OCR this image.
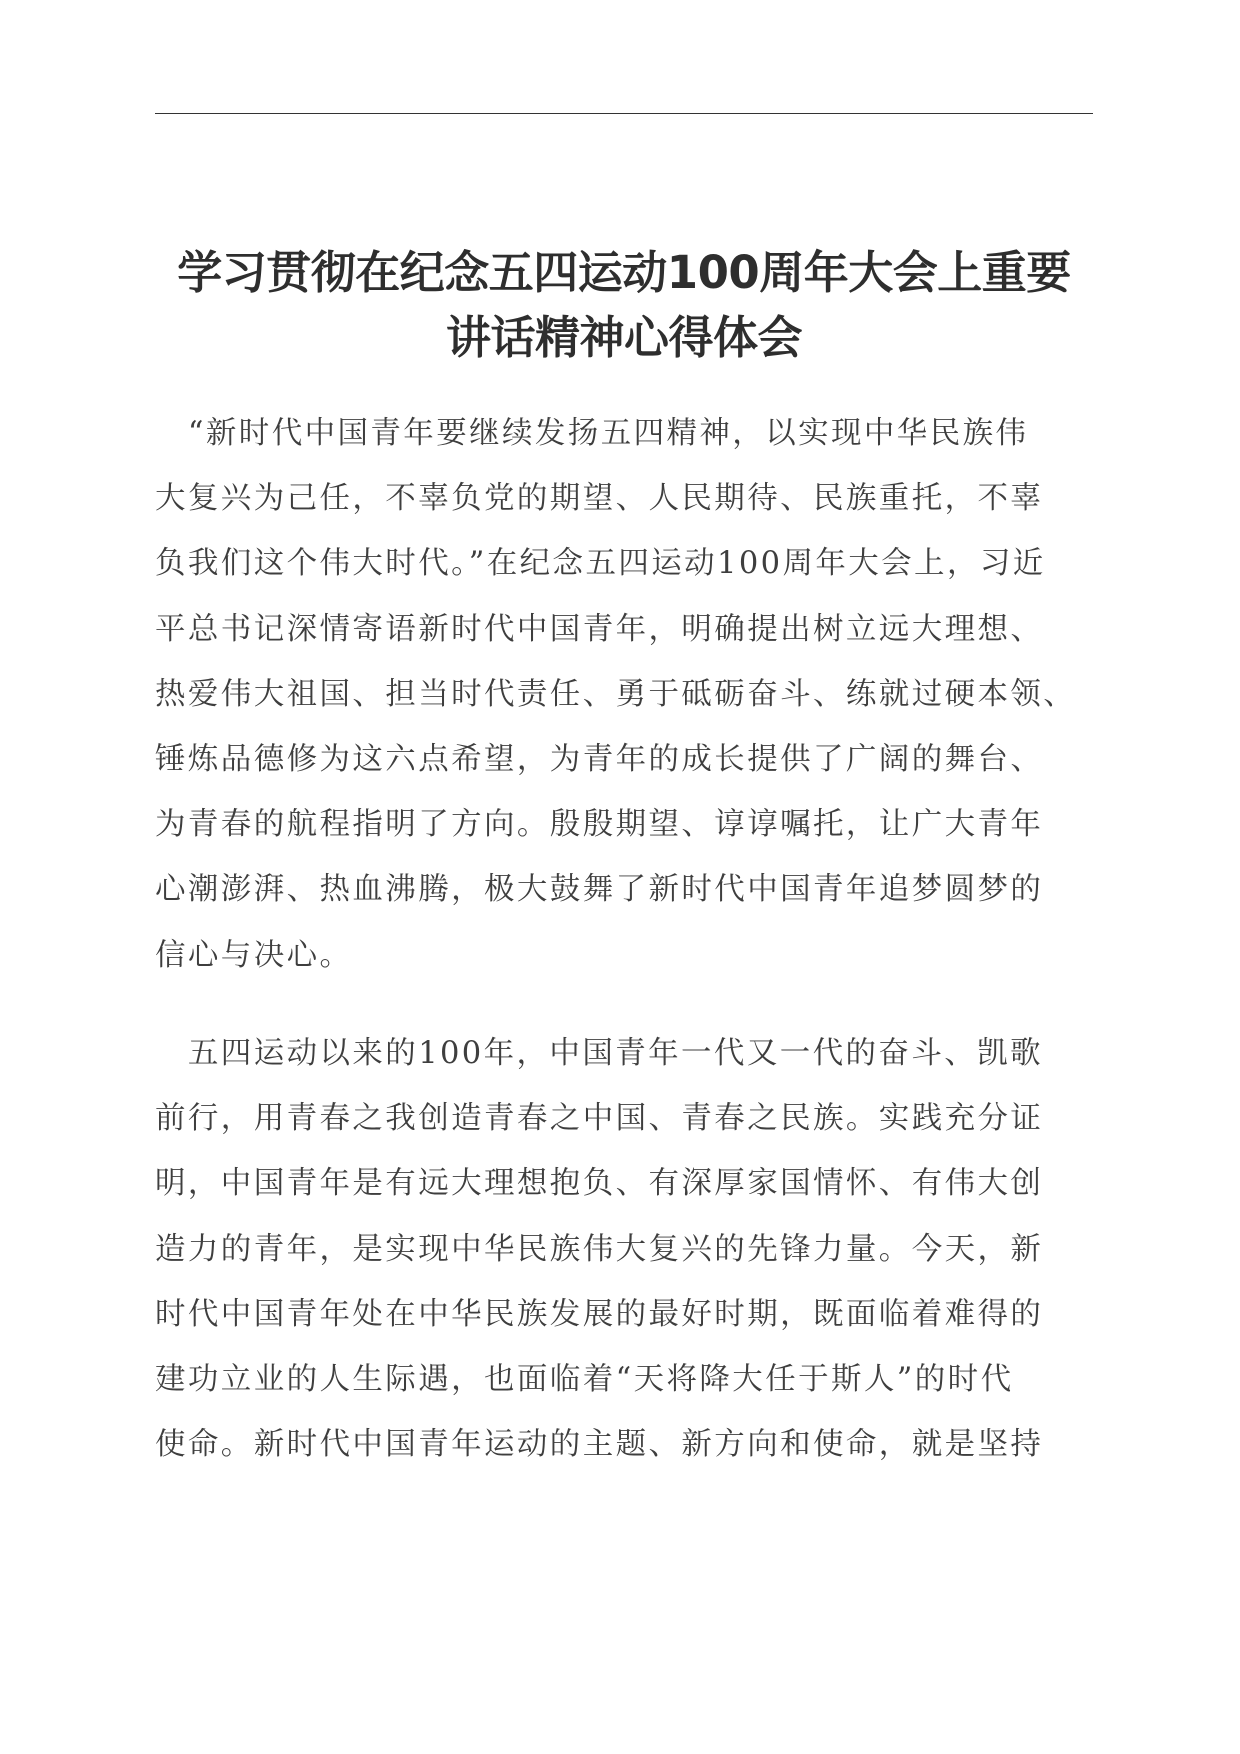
学习贯彻在纪念五四运动100周年大会上重要
讲话精神心得体会
　“新时代中国青年要继续发扬五四精神，以实现中华民族伟
大复兴为己任，不辜负党的期望、人民期待、民族重托，不辜
负我们这个伟大时代。”在纪念五四运动100周年大会上，习近
平总书记深情寄语新时代中国青年，明确提出树立远大理想、
热爱伟大祖国、担当时代责任、勇于砥砺奋斗、练就过硬本领、
锤炼品德修为这六点希望，为青年的成长提供了广阔的舞台、
为青春的航程指明了方向。殷殷期望、谆谆嘱托，让广大青年
心潮澎湃、热血沸腾，极大鼓舞了新时代中国青年追梦圆梦的
信心与决心。
　五四运动以来的100年，中国青年一代又一代的奋斗、凯歌
前行，用青春之我创造青春之中国、青春之民族。实践充分证
明，中国青年是有远大理想抱负、有深厚家国情怀、有伟大创
造力的青年，是实现中华民族伟大复兴的先锋力量。今天，新
时代中国青年处在中华民族发展的最好时期，既面临着难得的
建功立业的人生际遇，也面临着“天将降大任于斯人”的时代
使命。新时代中国青年运动的主题、新方向和使命，就是坚持
